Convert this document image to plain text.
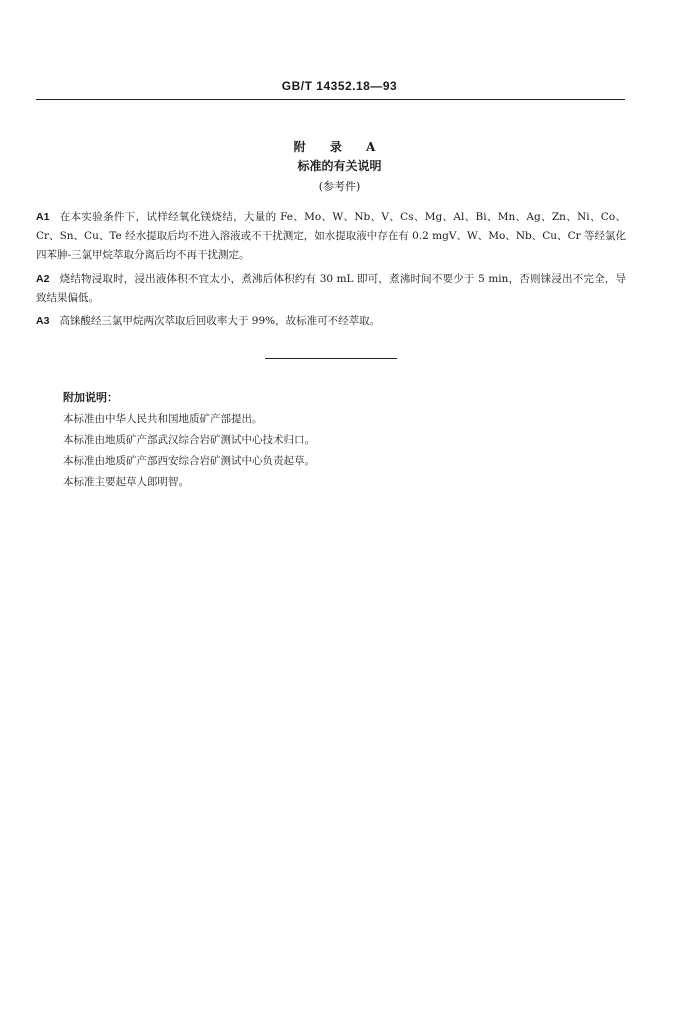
GB/T 14352.18—93
附 录 A
标准的有关说明
(参考件)
A1 在本实验条件下，试样经氧化镁烧结，大量的 Fe、Mo、W、Nb、V、Cs、Mg、Al、Bi、Mn、Ag、Zn、Ni、Co、Cr、Sn、Cu、Te 经水提取后均不进入溶液或不干扰测定，如水提取液中存在有 0.2 mgV、W、Mo、Nb、Cu、Cr 等经氯化四苯胂-三氯甲烷萃取分离后均不再干扰测定。
A2 烧结物浸取时，浸出液体积不宜太小，煮沸后体积约有 30 mL 即可，煮沸时间不要少于 5 min，否则铼浸出不完全，导致结果偏低。
A3 高铼酸经三氯甲烷两次萃取后回收率大于 99%，故标准可不经萃取。
附加说明：
本标准由中华人民共和国地质矿产部提出。
本标准由地质矿产部武汉综合岩矿测试中心技术归口。
本标准由地质矿产部西安综合岩矿测试中心负责起草。
本标准主要起草人郎明智。
